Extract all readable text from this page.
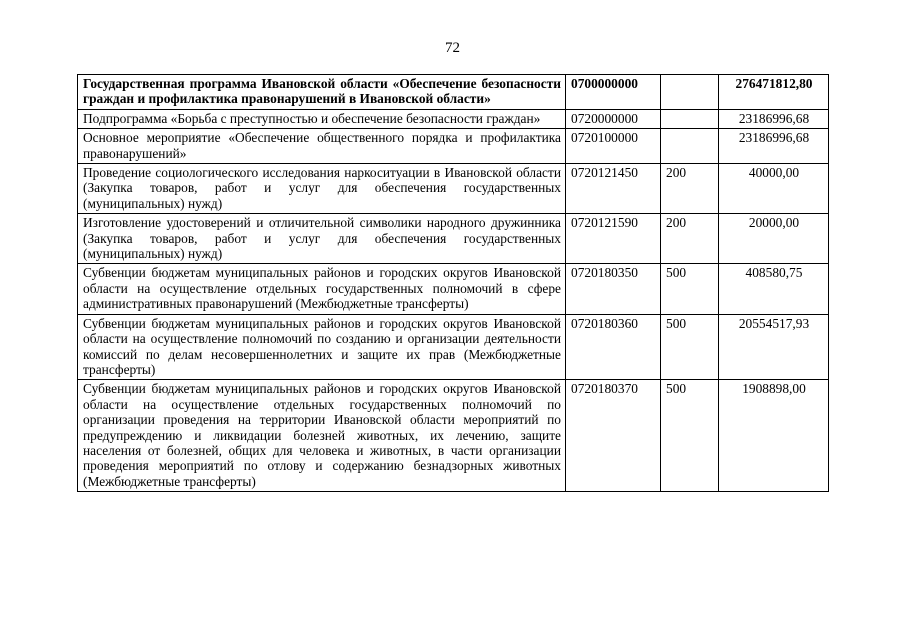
72
Государственная программа Ивановской области «Обеспечение безопасности граждан и профилактика правонарушений в Ивановской области»	0700000000		276471812,80
Подпрограмма «Борьба с преступностью и обеспечение безопасности граждан»	0720000000		23186996,68
Основное мероприятие «Обеспечение общественного порядка и профилактика правонарушений»	0720100000		23186996,68
Проведение социологического исследования наркоситуации в Ивановской области (Закупка товаров, работ и услуг для обеспечения государственных (муниципальных) нужд)	0720121450	200	40000,00
Изготовление удостоверений и отличительной символики народного дружинника (Закупка товаров, работ и услуг для обеспечения государственных (муниципальных) нужд)	0720121590	200	20000,00
Субвенции бюджетам муниципальных районов и городских округов Ивановской области на осуществление отдельных государственных полномочий в сфере административных правонарушений (Межбюджетные трансферты)	0720180350	500	408580,75
Субвенции бюджетам муниципальных районов и городских округов Ивановской области на осуществление полномочий по созданию и организации деятельности комиссий по делам несовершеннолетних и защите их прав (Межбюджетные трансферты)	0720180360	500	20554517,93
Субвенции бюджетам муниципальных районов и городских округов Ивановской области на осуществление отдельных государственных полномочий по организации проведения на территории Ивановской области мероприятий по предупреждению и ликвидации болезней животных, их лечению, защите населения от болезней, общих для человека и животных, в части организации проведения мероприятий по отлову и содержанию безнадзорных животных (Межбюджетные трансферты)	0720180370	500	1908898,00
